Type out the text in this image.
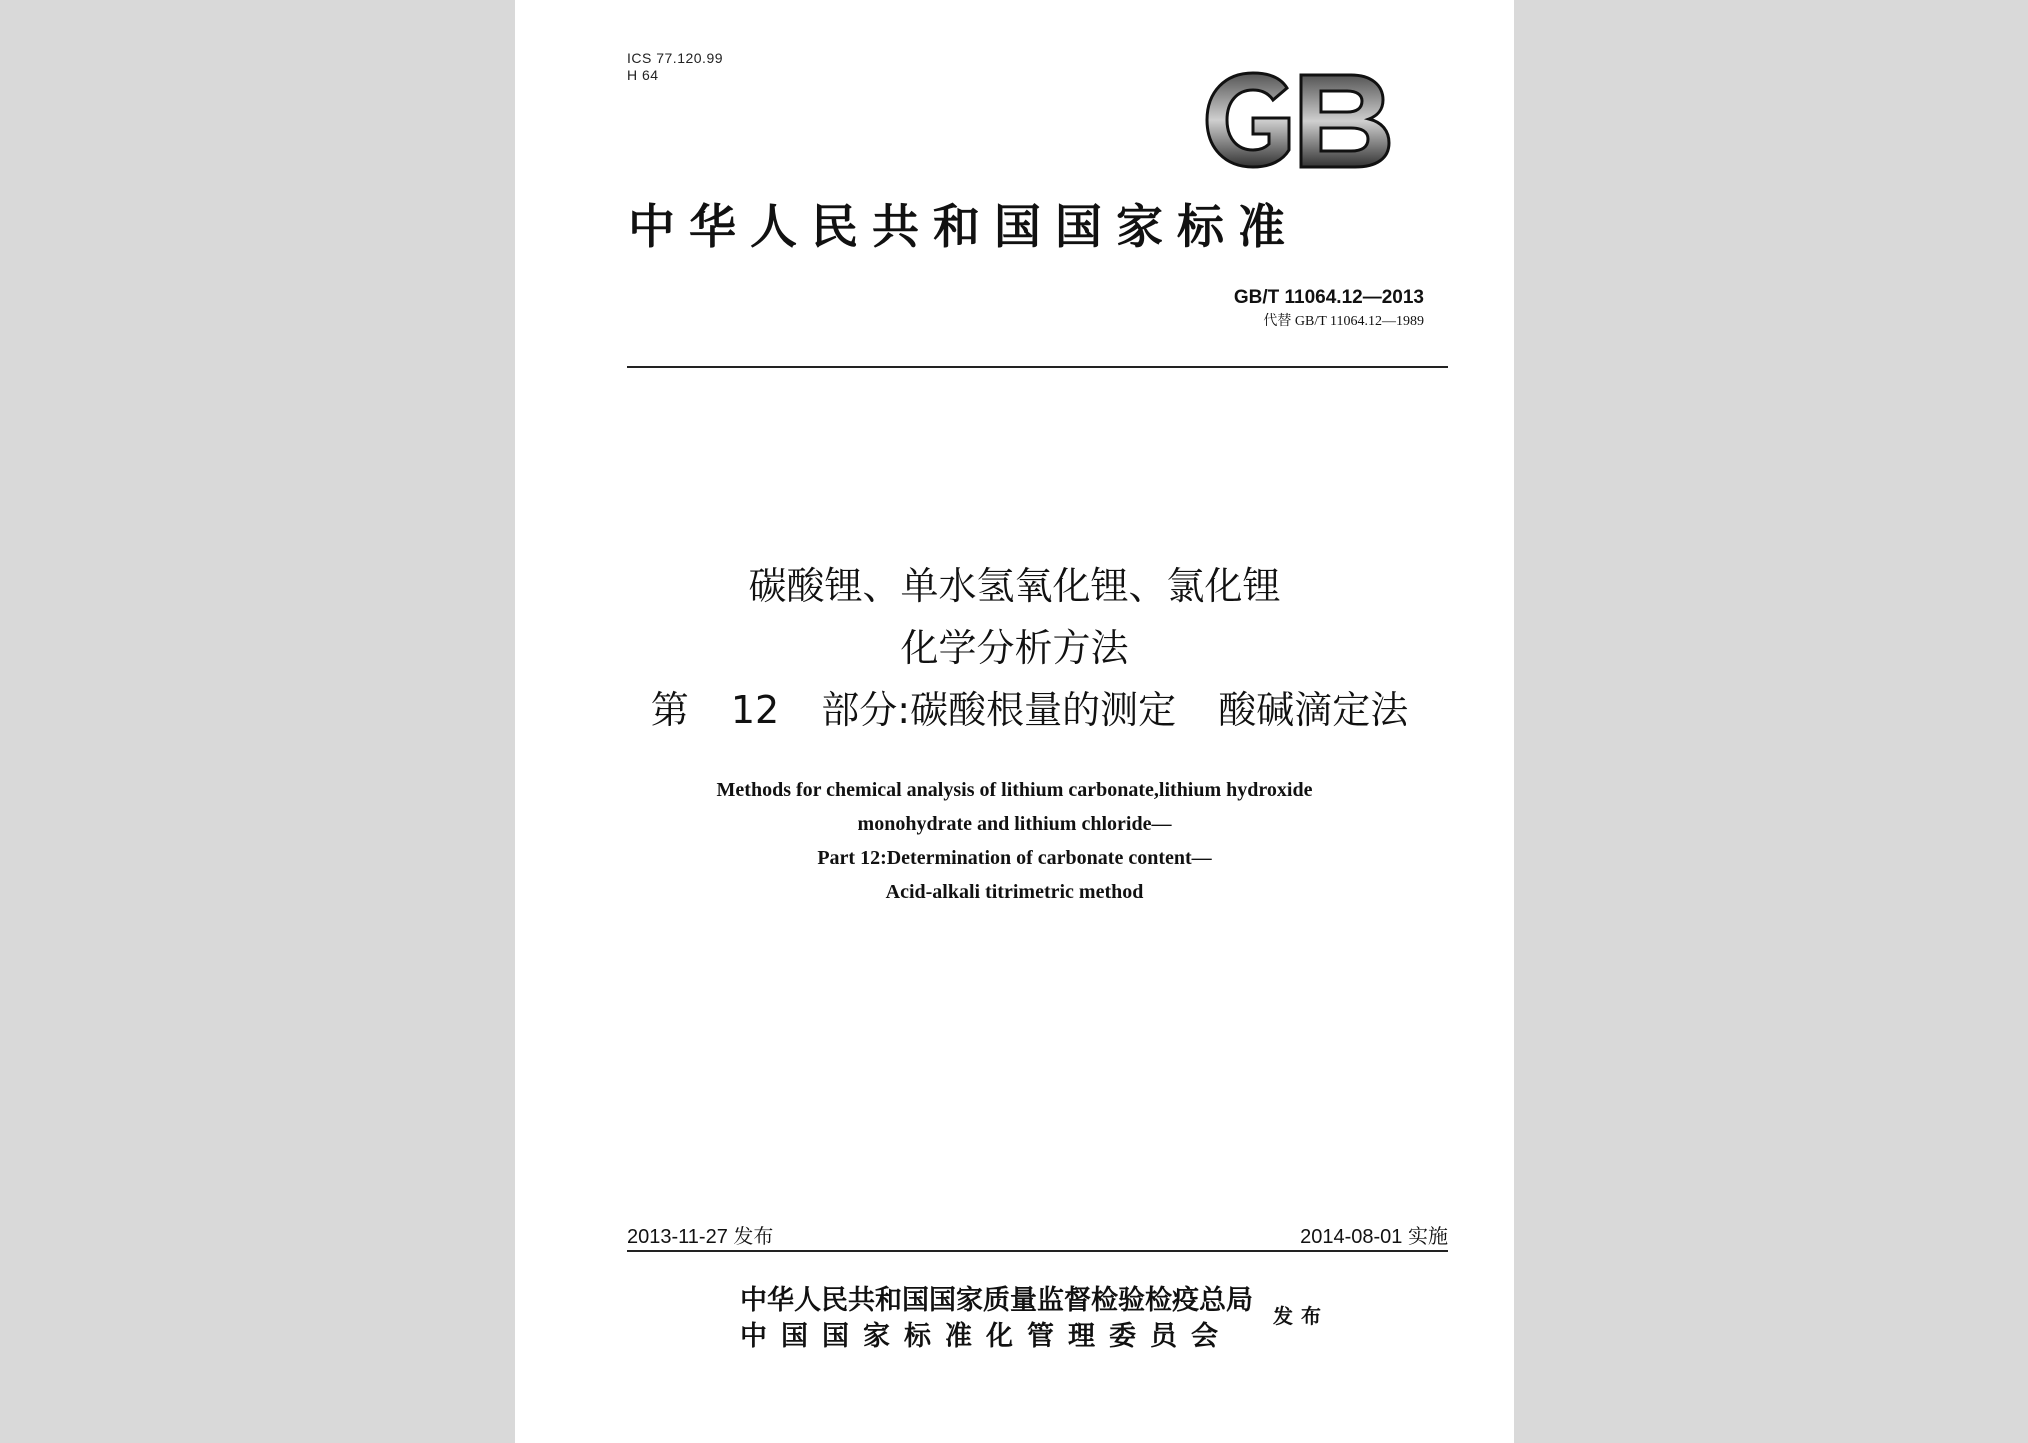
ICS 77.120.99
H 64
中华人民共和国国家标准
GB/T 11064.12—2013
代替 GB/T 11064.12—1989
碳酸锂、单水氢氧化锂、氯化锂
化学分析方法
第 12 部分:碳酸根量的测定 酸碱滴定法
Methods for chemical analysis of lithium carbonate,lithium hydroxide
monohydrate and lithium chloride—
Part 12:Determination of carbonate content—
Acid-alkali titrimetric method
2013-11-27 发布	2014-08-01 实施
中华人民共和国国家质量监督检验检疫总局
中国国家标准化管理委员会
发布
